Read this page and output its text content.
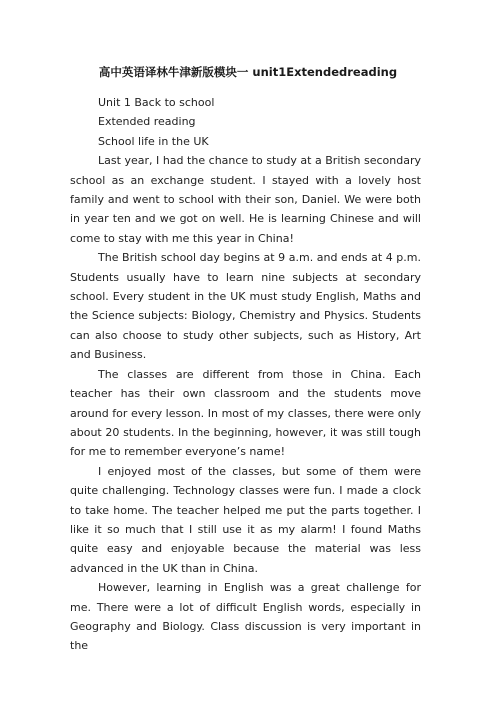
高中英语译林牛津新版模块一 unit1Extendedreading

Unit 1 Back to school

Extended reading

School life in the UK

Last year, I had the chance to study at a British secondary school as an exchange student. I stayed with a lovely host family and went to school with their son, Daniel. We were both in year ten and we got on well. He is learning Chinese and will come to stay with me this year in China!

The British school day begins at 9 a.m. and ends at 4 p.m. Students usually have to learn nine subjects at secondary school. Every student in the UK must study English, Maths and the Science subjects: Biology, Chemistry and Physics. Students can also choose to study other subjects, such as History, Art and Business.

The classes are different from those in China. Each teacher has their own classroom and the students move around for every lesson. In most of my classes, there were only about 20 students. In the beginning, however, it was still tough for me to remember everyone’s name!

I enjoyed most of the classes, but some of them were quite challenging. Technology classes were fun. I made a clock to take home. The teacher helped me put the parts together. I like it so much that I still use it as my alarm! I found Maths quite easy and enjoyable because the material was less advanced in the UK than in China.

However, learning in English was a great challenge for me. There were a lot of difficult English words, especially in Geography and Biology. Class discussion is very important in the
